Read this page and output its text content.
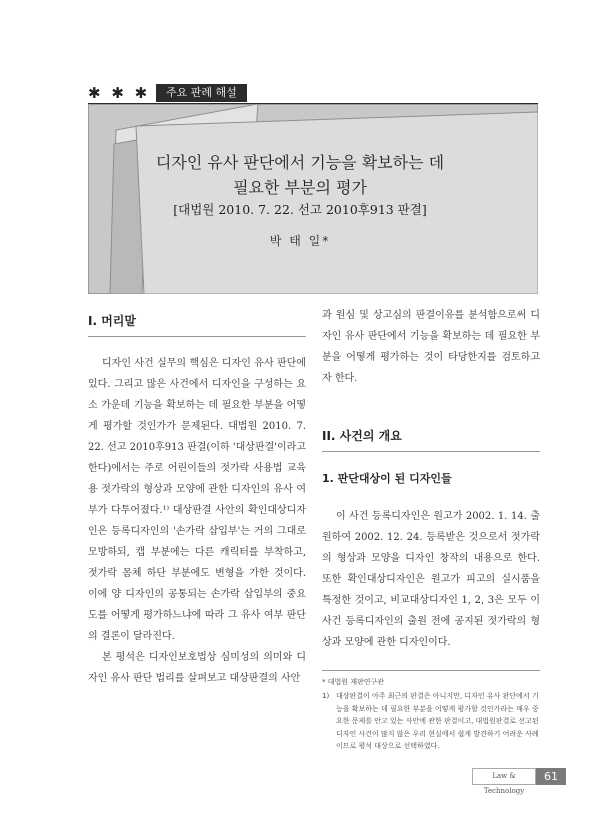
✱ ✱ ✱	주요 판례 해설
디자인 유사 판단에서 기능을 확보하는 데
필요한 부분의 평가
[대법원 2010. 7. 22. 선고 2010후913 판결]
박 태 일*
I. 머리말

디자인 사건 실무의 핵심은 디자인 유사 판단에 있다. 그리고 많은 사건에서 디자인을 구성하는 요소 가운데 기능을 확보하는 데 필요한 부분을 어떻게 평가할 것인가가 문제된다. 대법원 2010. 7. 22. 선고 2010후913 판결(이하 '대상판결'이라고 한다)에서는 주로 어린이들의 젓가락 사용법 교육용 젓가락의 형상과 모양에 관한 디자인의 유사 여부가 다투어졌다.¹⁾ 대상판결 사안의 확인대상디자인은 등록디자인의 '손가락 삽입부'는 거의 그대로 모방하되, 캡 부분에는 다른 캐릭터를 부착하고, 젓가락 몸체 하단 부분에도 변형을 가한 것이다. 이에 양 디자인의 공통되는 손가락 삽입부의 중요도를 어떻게 평가하느냐에 따라 그 유사 여부 판단의 결론이 달라진다.

본 평석은 디자인보호법상 심미성의 의미와 디자인 유사 판단 법리를 살펴보고 대상판결의 사안

과 원심 및 상고심의 판결이유를 분석함으로써 디자인 유사 판단에서 기능을 확보하는 데 필요한 부분을 어떻게 평가하는 것이 타당한지를 검토하고자 한다.

II. 사건의 개요
1. 판단대상이 된 디자인들

이 사건 등록디자인은 원고가 2002. 1. 14. 출원하여 2002. 12. 24. 등록받은 것으로서 젓가락의 형상과 모양을 디자인 창작의 내용으로 한다. 또한 확인대상디자인은 원고가 피고의 실시품을 특정한 것이고, 비교대상디자인 1, 2, 3은 모두 이 사건 등록디자인의 출원 전에 공지된 젓가락의 형상과 모양에 관한 디자인이다.

* 대법원 재판연구관
1) 대상판결이 아주 최근의 판결은 아니지만, 디자인 유사 판단에서 기능을 확보하는 데 필요한 부분을 어떻게 평가할 것인가라는 매우 중요한 문제를 안고 있는 사안에 관한 판결이고, 대법원판결로 선고된 디자인 사건이 많지 않은 우리 현실에서 쉽게 발견하기 어려운 사례이므로 평석 대상으로 선택하였다.
Law & Technology
61
